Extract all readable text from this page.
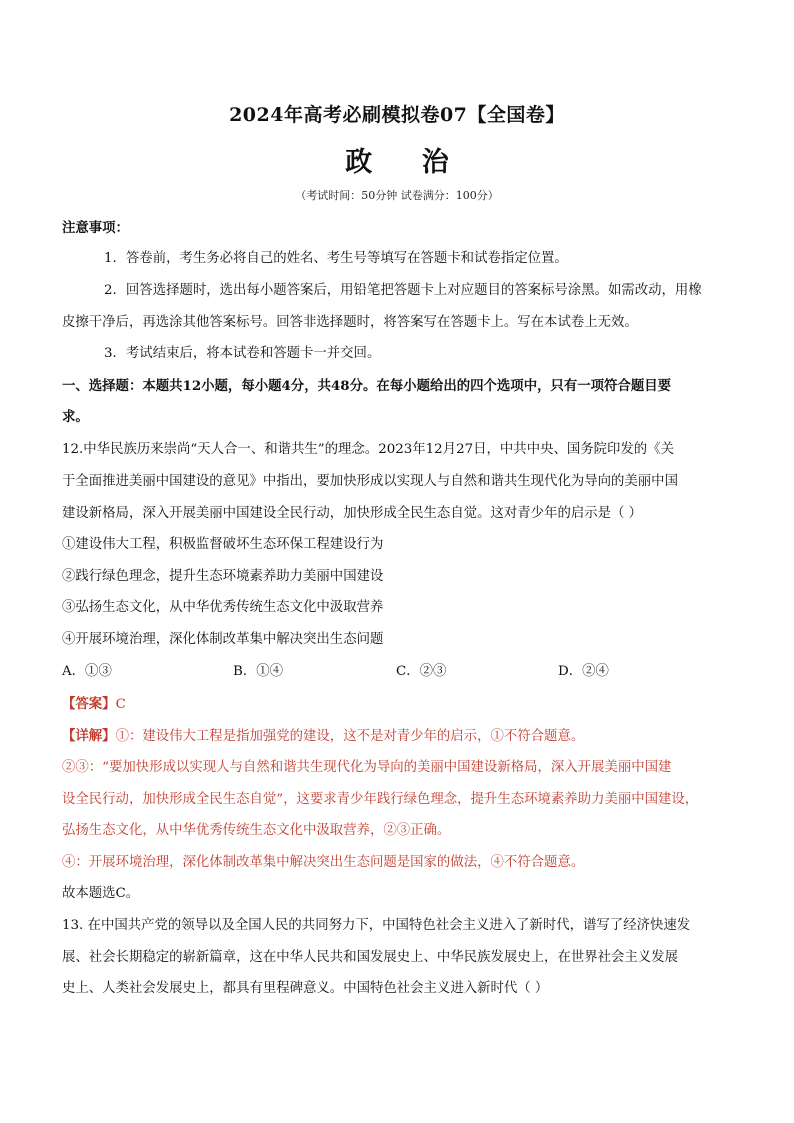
2024年高考必刷模拟卷07【全国卷】
政 治
（考试时间：50分钟 试卷满分：100分）
注意事项：
1．答卷前，考生务必将自己的姓名、考生号等填写在答题卡和试卷指定位置。
2．回答选择题时，选出每小题答案后，用铅笔把答题卡上对应题目的答案标号涂黑。如需改动，用橡
皮擦干净后，再选涂其他答案标号。回答非选择题时，将答案写在答题卡上。写在本试卷上无效。
3．考试结束后，将本试卷和答题卡一并交回。
一、选择题：本题共12小题，每小题4分，共48分。在每小题给出的四个选项中，只有一项符合题目要
求。
12.中华民族历来崇尚“天人合一、和谐共生”的理念。2023年12月27日，中共中央、国务院印发的《关
于全面推进美丽中国建设的意见》中指出，要加快形成以实现人与自然和谐共生现代化为导向的美丽中国
建设新格局，深入开展美丽中国建设全民行动，加快形成全民生态自觉。这对青少年的启示是（ ）
①建设伟大工程，积极监督破坏生态环保工程建设行为
②践行绿色理念，提升生态环境素养助力美丽中国建设
③弘扬生态文化，从中华优秀传统生态文化中汲取营养
④开展环境治理，深化体制改革集中解决突出生态问题
A．①③	B．①④	C．②③	D．②④
【答案】C
【详解】①：建设伟大工程是指加强党的建设，这不是对青少年的启示，①不符合题意。
②③：“要加快形成以实现人与自然和谐共生现代化为导向的美丽中国建设新格局，深入开展美丽中国建
设全民行动，加快形成全民生态自觉”，这要求青少年践行绿色理念，提升生态环境素养助力美丽中国建设，
弘扬生态文化，从中华优秀传统生态文化中汲取营养，②③正确。
④：开展环境治理，深化体制改革集中解决突出生态问题是国家的做法，④不符合题意。
故本题选C。
13. 在中国共产党的领导以及全国人民的共同努力下，中国特色社会主义进入了新时代，谱写了经济快速发
展、社会长期稳定的崭新篇章，这在中华人民共和国发展史上、中华民族发展史上，在世界社会主义发展
史上、人类社会发展史上，都具有里程碑意义。中国特色社会主义进入新时代（ ）
